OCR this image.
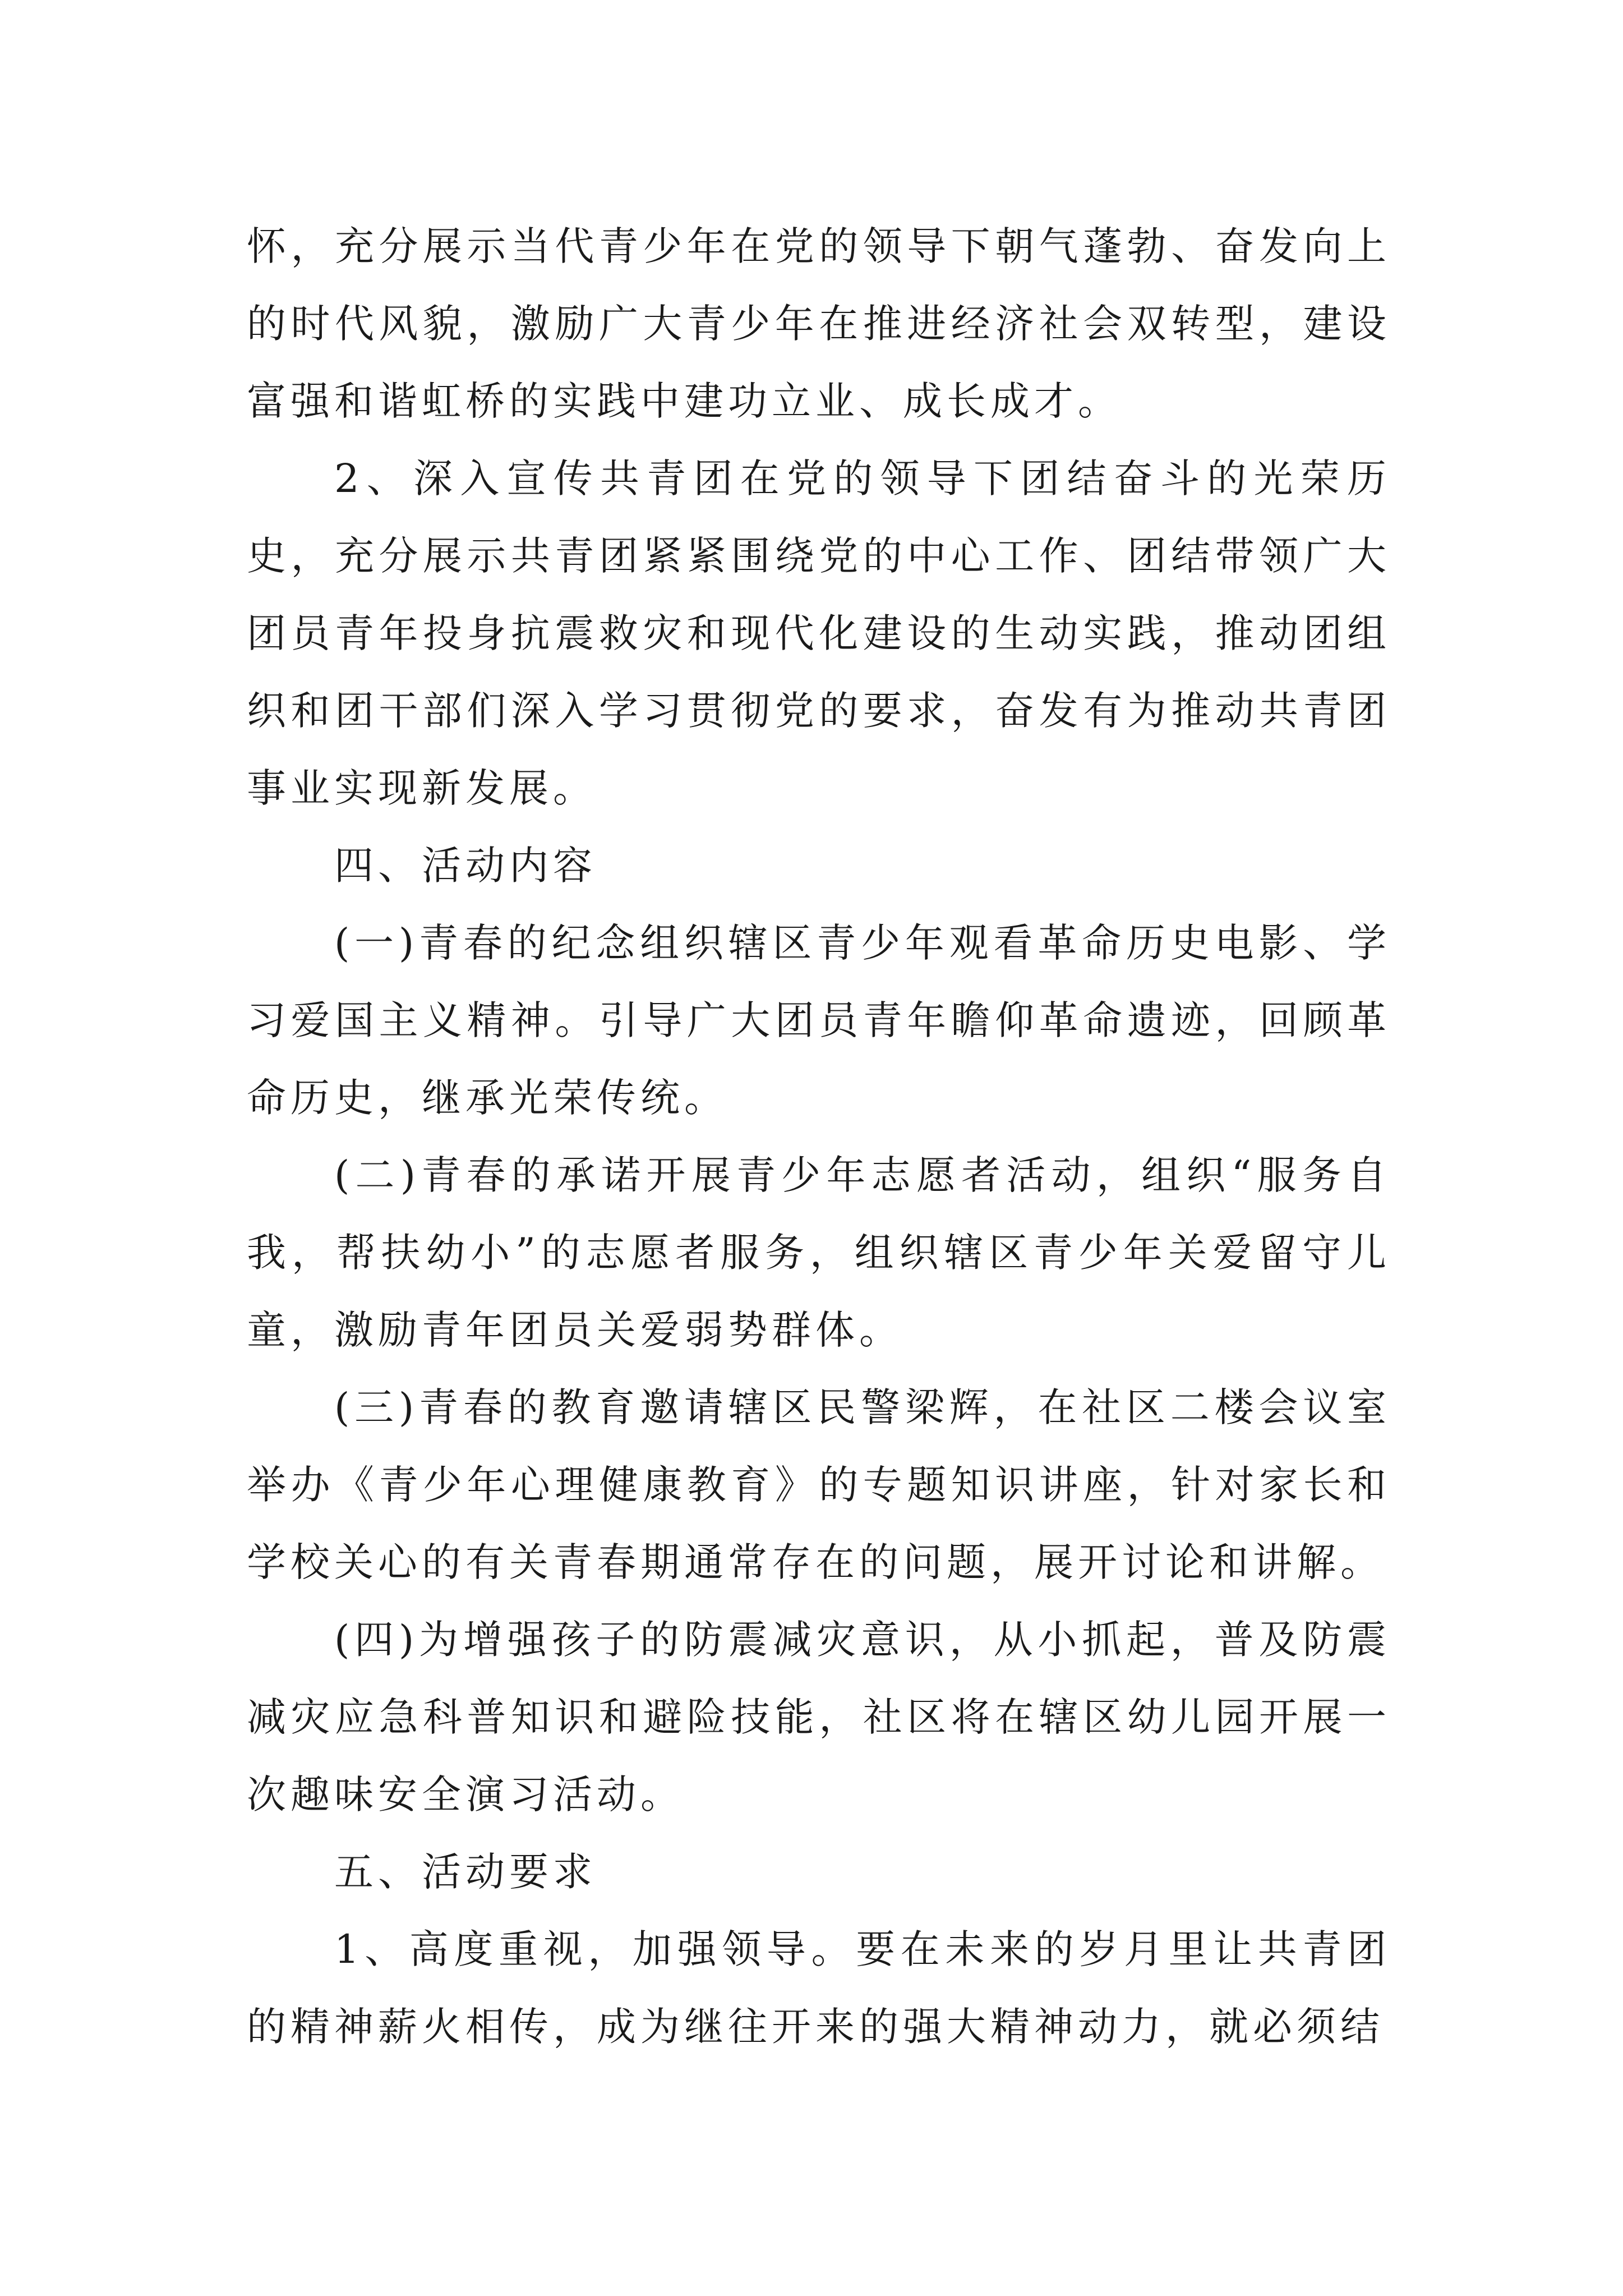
怀，充分展示当代青少年在党的领导下朝气蓬勃、奋发向上的时代风貌，激励广大青少年在推进经济社会双转型，建设富强和谐虹桥的实践中建功立业、成长成才。

2、深入宣传共青团在党的领导下团结奋斗的光荣历史，充分展示共青团紧紧围绕党的中心工作、团结带领广大团员青年投身抗震救灾和现代化建设的生动实践，推动团组织和团干部们深入学习贯彻党的要求，奋发有为推动共青团事业实现新发展。

四、活动内容

(一)青春的纪念组织辖区青少年观看革命历史电影、学习爱国主义精神。引导广大团员青年瞻仰革命遗迹，回顾革命历史，继承光荣传统。

(二)青春的承诺开展青少年志愿者活动，组织“服务自我，帮扶幼小”的志愿者服务，组织辖区青少年关爱留守儿童，激励青年团员关爱弱势群体。

(三)青春的教育邀请辖区民警梁辉，在社区二楼会议室举办《青少年心理健康教育》的专题知识讲座，针对家长和学校关心的有关青春期通常存在的问题，展开讨论和讲解。

(四)为增强孩子的防震减灾意识，从小抓起，普及防震减灾应急科普知识和避险技能，社区将在辖区幼儿园开展一次趣味安全演习活动。

五、活动要求

1、高度重视，加强领导。要在未来的岁月里让共青团的精神薪火相传，成为继往开来的强大精神动力，就必须结
